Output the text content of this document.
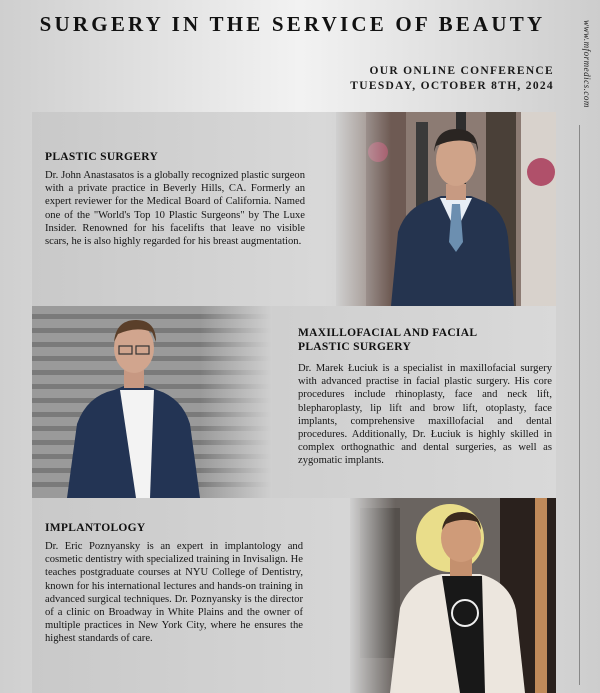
SURGERY IN THE SERVICE OF BEAUTY	www.mformedics.com
OUR ONLINE CONFERENCE
TUESDAY, OCTOBER 8TH, 2024
PLASTIC SURGERY
Dr. John Anastasatos is a globally recognized plastic surgeon with a private practice in Beverly Hills, CA. Formerly an expert reviewer for the Medical Board of California. Named one of the "World's Top 10 Plastic Surgeons" by The Luxe Insider. Renowned for his facelifts that leave no visible scars, he is also highly regarded for his breast augmentation.
MAXILLOFACIAL AND FACIAL
PLASTIC SURGERY
Dr. Marek Łuciuk is a specialist in maxillofacial surgery with advanced practise in facial plastic surgery. His core procedures include rhinoplasty, face and neck lift, blepharoplasty, lip lift and brow lift, otoplasty, face implants, comprehensive maxillofacial and dental procedures. Additionally, Dr. Łuciuk is highly skilled in complex orthognathic and dental surgeries, as well as zygomatic implants.
IMPLANTOLOGY
Dr. Eric Poznyansky is an expert in implantology and cosmetic dentistry with specialized training in Invisalign. He teaches postgraduate courses at NYU College of Dentistry, known for his international lectures and hands-on training in advanced surgical techniques. Dr. Poznyansky is the director of a clinic on Broadway in White Plains and the owner of multiple practices in New York City, where he ensures the highest standards of care.
